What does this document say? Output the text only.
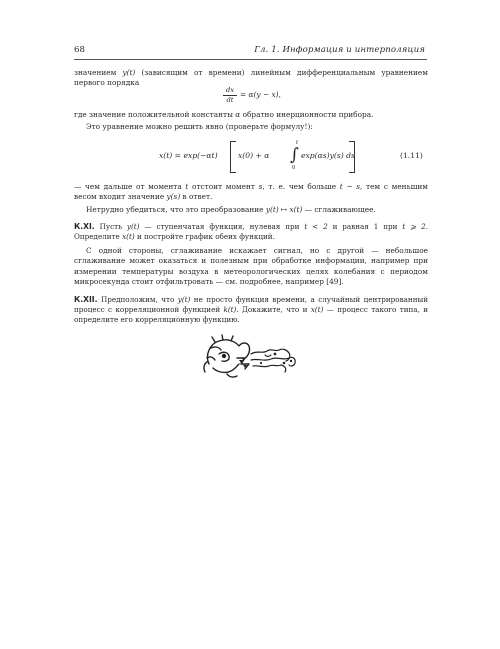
68	Гл. 1. Информация и интерполяция
значением y(t) (зависящим от времени) линейным дифференциальным уравнением первого порядка
dx
dt
= α(y − x),
где значение положительной константы α обратно инерционности прибора.
Это уравнение можно решить явно (проверьте формулу!):
x(t) = exp(−αt)	x(0) + α ∫
t
0
exp(αs)y(s) ds	(1.11)
— чем дальше от момента t отстоит момент s, т. е. чем больше t − s, тем с меньшим весом входит значение y(s) в ответ.
Нетрудно убедиться, что это преобразование y(t) ↦ x(t) — сглаживающее.
К.XI. Пусть y(t) — ступенчатая функция, нулевая при t < 2 и равная 1 при t ⩾ 2. Определите x(t) и постройте график обеих функций.
С одной стороны, сглаживание искажает сигнал, но с другой — небольшое сглаживание может оказаться и полезным при обработке информации, например при измерении температуры воздуха в метеорологических целях колебания с периодом микросекунда стоит отфильтровать — см. подробнее, например [49].
К.XII. Предположим, что y(t) не просто функция времени, а случайный центрированный процесс с корреляционной функцией k(t). Докажите, что и x(t) — процесс такого типа, и определите его корреляционную функцию.
